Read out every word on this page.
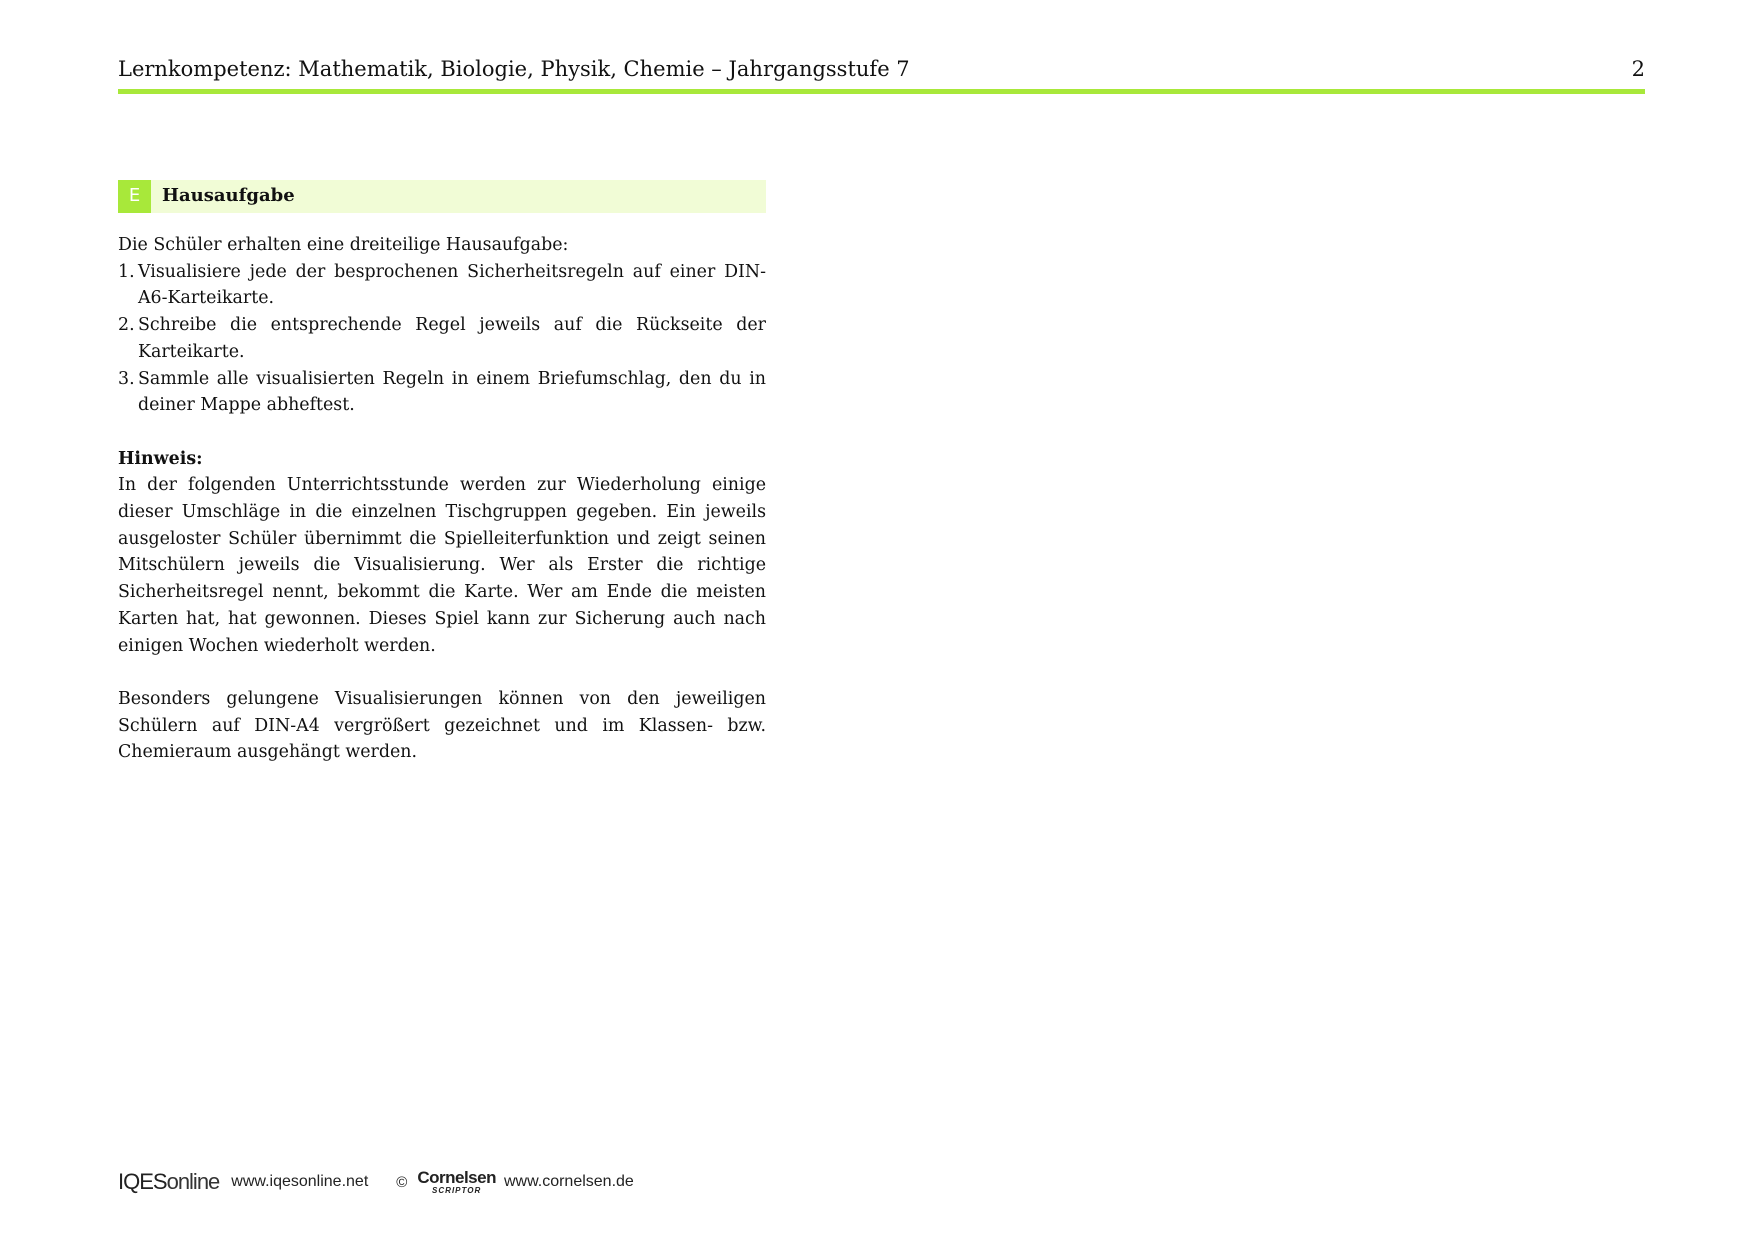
Lernkompetenz: Mathematik, Biologie, Physik, Chemie – Jahrgangsstufe 7	2
E	Hausaufgabe

Die Schüler erhalten eine dreiteilige Hausaufgabe:

1. Visualisiere jede der besprochenen Sicherheitsregeln auf einer DIN-A6-Karteikarte.
2. Schreibe die entsprechende Regel jeweils auf die Rückseite der Karteikarte.
3. Sammle alle visualisierten Regeln in einem Briefumschlag, den du in deiner Mappe abheftest.

Hinweis:

In der folgenden Unterrichtsstunde werden zur Wiederholung einige dieser Umschläge in die einzelnen Tischgruppen gegeben. Ein jeweils ausgeloster Schüler übernimmt die Spielleiterfunktion und zeigt seinen Mitschülern jeweils die Visualisierung. Wer als Erster die richtige Sicherheitsregel nennt, bekommt die Karte. Wer am Ende die meisten Karten hat, hat gewonnen. Dieses Spiel kann zur Sicherung auch nach einigen Wochen wiederholt werden.

Besonders gelungene Visualisierungen können von den jeweiligen Schülern auf DIN-A4 vergrößert gezeichnet und im Klassen- bzw. Chemieraum ausgehängt werden.

IQESonline www.iqesonline.net © Cornelsen
SCRIPTOR
www.cornelsen.de
